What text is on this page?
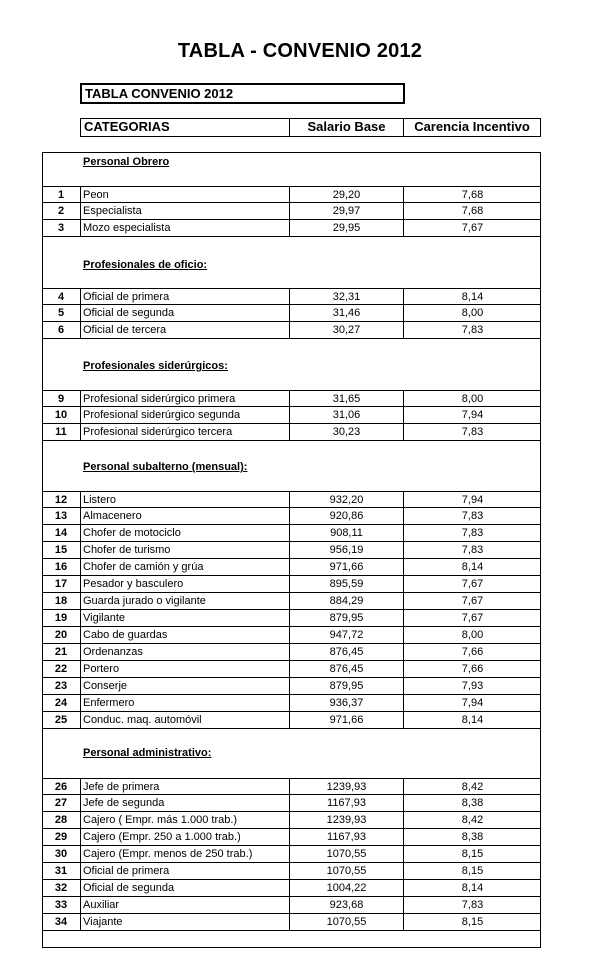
TABLA - CONVENIO 2012
TABLA CONVENIO 2012
CATEGORIAS	Salario Base	Carencia Incentivo
Personal Obrero
1	Peon	29,20	7,68
2	Especialista	29,97	7,68
3	Mozo especialista	29,95	7,67
Profesionales de oficio:
4	Oficial de primera	32,31	8,14
5	Oficial de segunda	31,46	8,00
6	Oficial de tercera	30,27	7,83
Profesionales siderúrgicos:
9	Profesional siderúrgico primera	31,65	8,00
10	Profesional siderúrgico segunda	31,06	7,94
11	Profesional siderúrgico tercera	30,23	7,83
Personal subalterno (mensual):
12	Listero	932,20	7,94
13	Almacenero	920,86	7,83
14	Chofer de motociclo	908,11	7,83
15	Chofer de turismo	956,19	7,83
16	Chofer de camión y grúa	971,66	8,14
17	Pesador y basculero	895,59	7,67
18	Guarda jurado o vigilante	884,29	7,67
19	Vigilante	879,95	7,67
20	Cabo de guardas	947,72	8,00
21	Ordenanzas	876,45	7,66
22	Portero	876,45	7,66
23	Conserje	879,95	7,93
24	Enfermero	936,37	7,94
25	Conduc. maq. automóvil	971,66	8,14
Personal administrativo:
26	Jefe de primera	1239,93	8,42
27	Jefe de segunda	1167,93	8,38
28	Cajero ( Empr. más 1.000 trab.)	1239,93	8,42
29	Cajero (Empr. 250 a 1.000 trab.)	1167,93	8,38
30	Cajero (Empr. menos de 250 trab.)	1070,55	8,15
31	Oficial de primera	1070,55	8,15
32	Oficial de segunda	1004,22	8,14
33	Auxiliar	923,68	7,83
34	Viajante	1070,55	8,15
